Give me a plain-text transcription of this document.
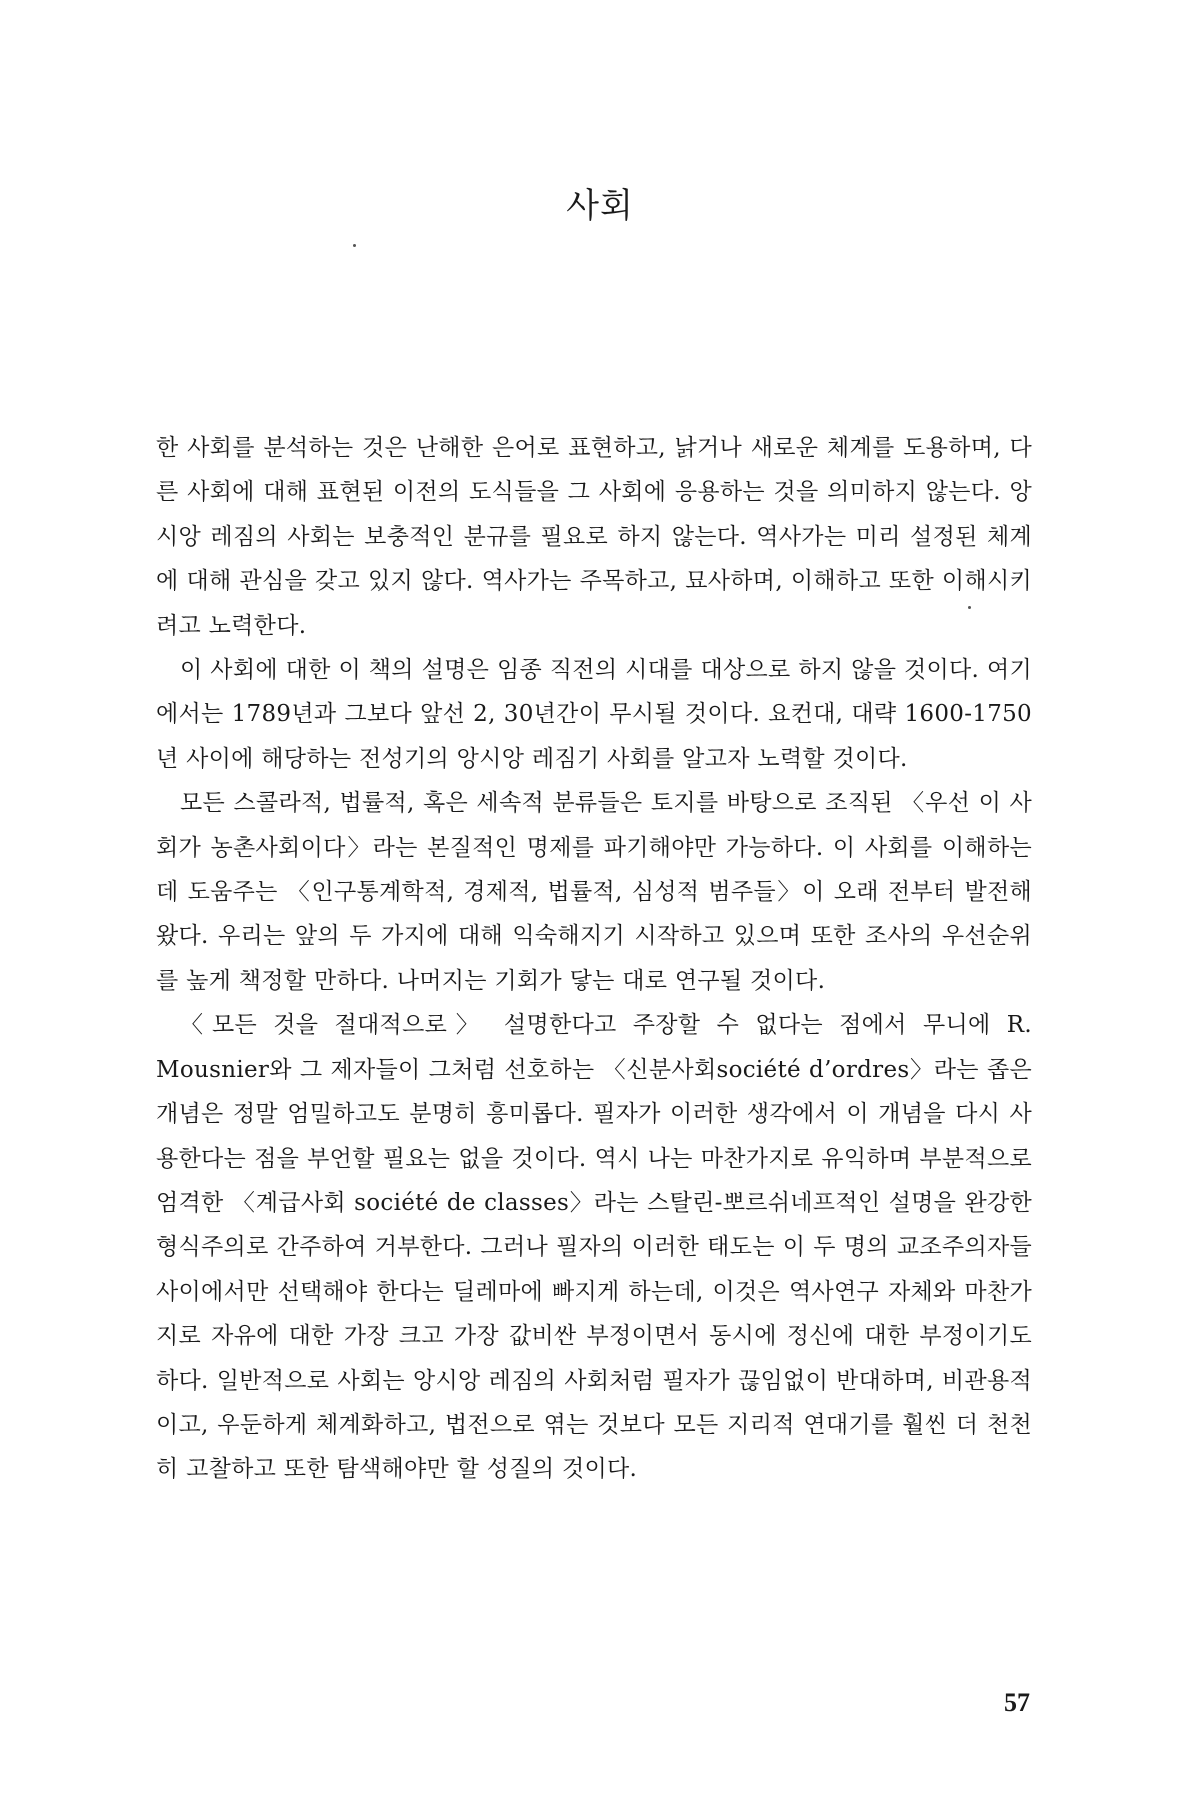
사회

한 사회를 분석하는 것은 난해한 은어로 표현하고, 낡거나 새로운 체계를 도용하며, 다른 사회에 대해 표현된 이전의 도식들을 그 사회에 응용하는 것을 의미하지 않는다. 앙시앙 레짐의 사회는 보충적인 분규를 필요로 하지 않는다. 역사가는 미리 설정된 체계에 대해 관심을 갖고 있지 않다. 역사가는 주목하고, 묘사하며, 이해하고 또한 이해시키려고 노력한다.

이 사회에 대한 이 책의 설명은 임종 직전의 시대를 대상으로 하지 않을 것이다. 여기에서는 1789년과 그보다 앞선 2, 30년간이 무시될 것이다. 요컨대, 대략 1600-1750년 사이에 해당하는 전성기의 앙시앙 레짐기 사회를 알고자 노력할 것이다.

모든 스콜라적, 법률적, 혹은 세속적 분류들은 토지를 바탕으로 조직된 〈우선 이 사회가 농촌사회이다〉라는 본질적인 명제를 파기해야만 가능하다. 이 사회를 이해하는 데 도움주는 〈인구통계학적, 경제적, 법률적, 심성적 범주들〉이 오래 전부터 발전해 왔다. 우리는 앞의 두 가지에 대해 익숙해지기 시작하고 있으며 또한 조사의 우선순위를 높게 책정할 만하다. 나머지는 기회가 닿는 대로 연구될 것이다.

〈모든 것을 절대적으로〉 설명한다고 주장할 수 없다는 점에서 무니에 R. Mousnier와 그 제자들이 그처럼 선호하는 〈신분사회société d’ordres〉라는 좁은 개념은 정말 엄밀하고도 분명히 흥미롭다. 필자가 이러한 생각에서 이 개념을 다시 사용한다는 점을 부언할 필요는 없을 것이다. 역시 나는 마찬가지로 유익하며 부분적으로 엄격한 〈계급사회 société de classes〉라는 스탈린-뽀르쉬네프적인 설명을 완강한 형식주의로 간주하여 거부한다. 그러나 필자의 이러한 태도는 이 두 명의 교조주의자들 사이에서만 선택해야 한다는 딜레마에 빠지게 하는데, 이것은 역사연구 자체와 마찬가지로 자유에 대한 가장 크고 가장 값비싼 부정이면서 동시에 정신에 대한 부정이기도 하다. 일반적으로 사회는 앙시앙 레짐의 사회처럼 필자가 끊임없이 반대하며, 비관용적이고, 우둔하게 체계화하고, 법전으로 엮는 것보다 모든 지리적 연대기를 훨씬 더 천천히 고찰하고 또한 탐색해야만 할 성질의 것이다.

57
